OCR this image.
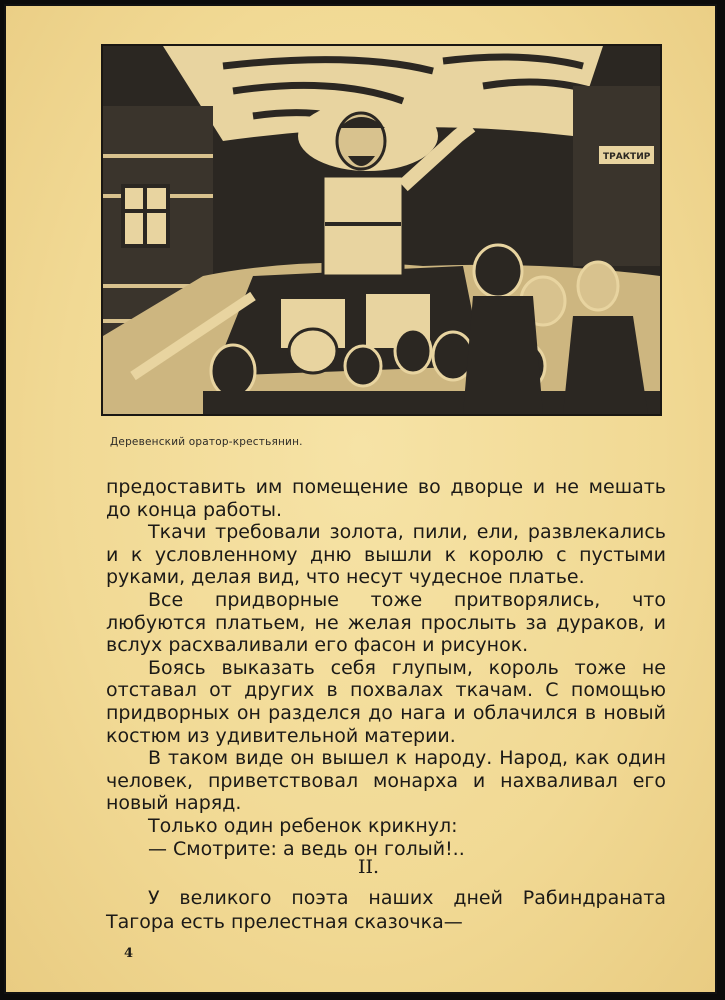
ТРАКТИР
Деревенский оратор-крестьянин.

предоставить им помещение во дворце и не мешать до конца работы.

Ткачи требовали золота, пили, ели, развлекались и к условленному дню вышли к королю с пустыми руками, делая вид, что несут чудесное платье.

Все придворные тоже притворялись, что любуются платьем, не желая прослыть за дураков, и вслух расхваливали его фасон и рисунок.

Боясь выказать себя глупым, король тоже не отставал от других в похвалах ткачам. С помощью придворных он разделся до нага и облачился в новый костюм из удивительной материи.

В таком виде он вышел к народу. Народ, как один человек, приветствовал монарха и нахваливал его новый наряд.

Только один ребенок крикнул:

— Смотрите: а ведь он голый!..

II.

У великого поэта наших дней Рабиндраната Тагора есть прелестная сказочка—

4
